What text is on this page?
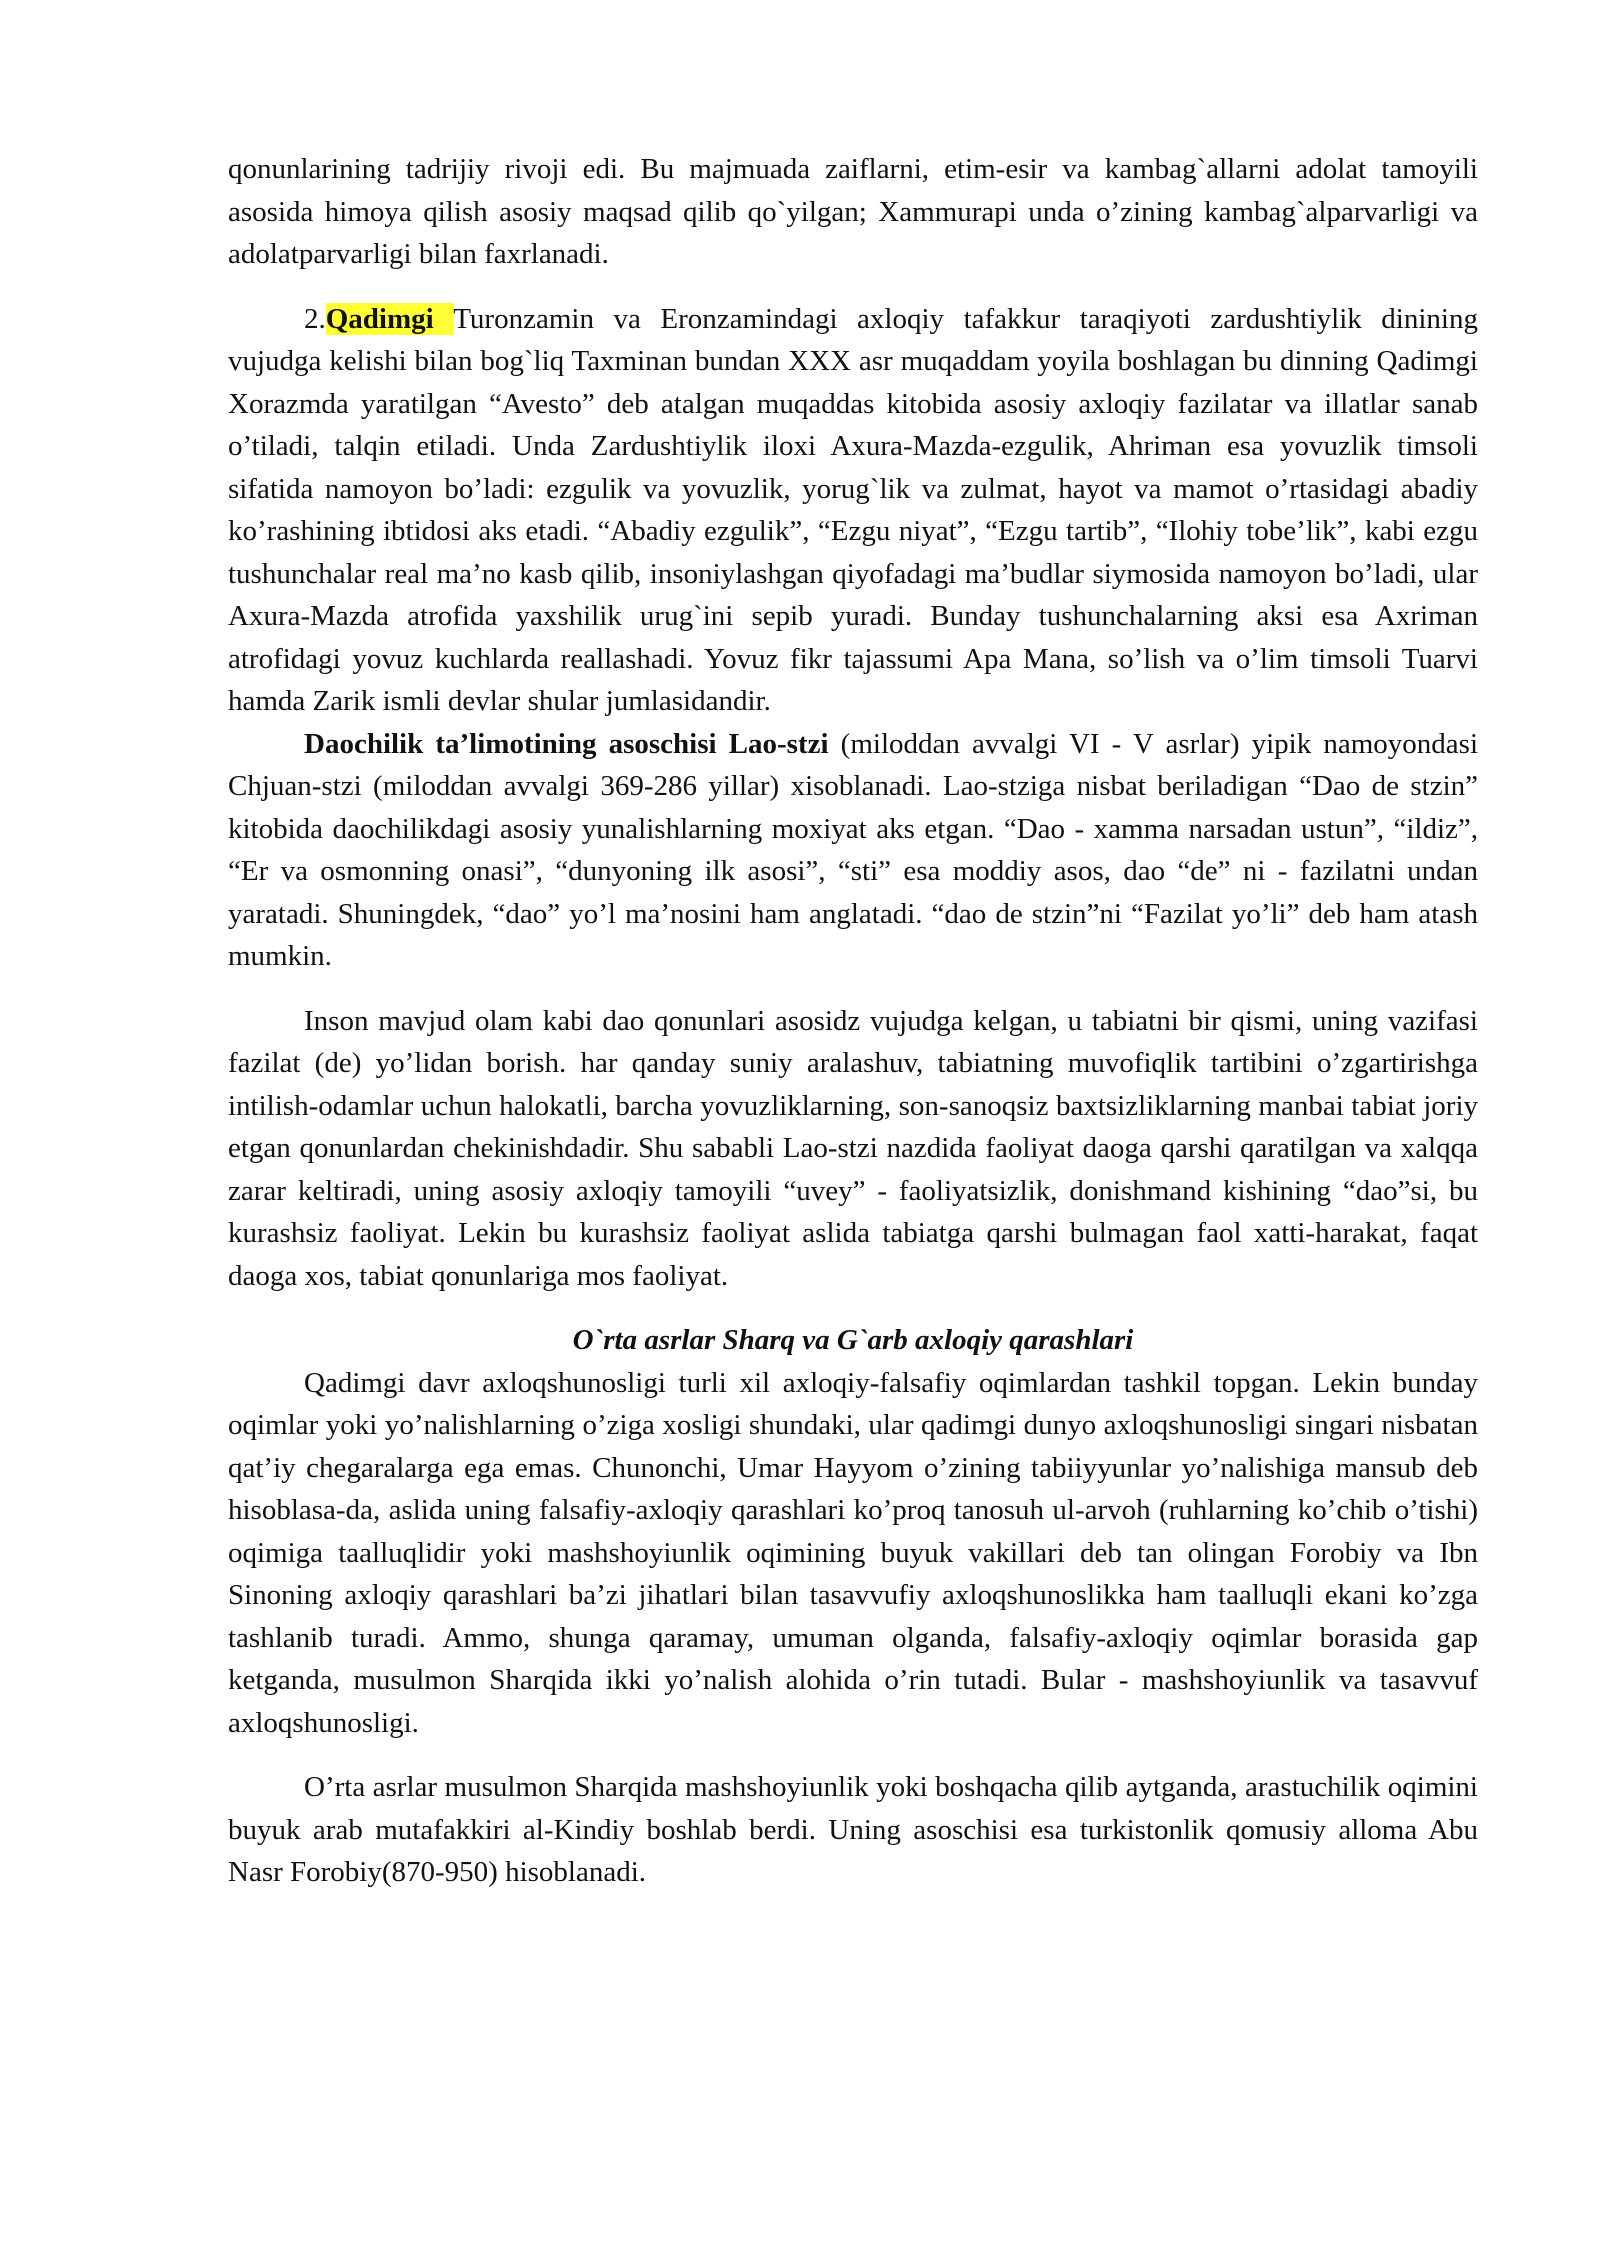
qonunlarining tadrijiy rivoji edi. Bu majmuada zaiflarni, etim-esir va kambag`allarni adolat tamoyili asosida himoya qilish asosiy maqsad qilib qo`yilgan; Xammurapi unda o’zining kambag`alparvarligi va adolatparvarligi bilan faxrlanadi.

2.Qadimgi Turonzamin va Eronzamindagi axloqiy tafakkur taraqiyoti zardushtiylik dinining vujudga kelishi bilan bog`liq Taxminan bundan XXX asr muqaddam yoyila boshlagan bu dinning Qadimgi Xorazmda yaratilgan “Avesto” deb atalgan muqaddas kitobida asosiy axloqiy fazilatar va illatlar sanab o’tiladi, talqin etiladi. Unda Zardushtiylik iloxi Axura-Mazda-ezgulik, Ahriman esa yovuzlik timsoli sifatida namoyon bo’ladi: ezgulik va yovuzlik, yorug`lik va zulmat, hayot va mamot o’rtasidagi abadiy ko’rashining ibtidosi aks etadi. “Abadiy ezgulik”, “Ezgu niyat”, “Ezgu tartib”, “Ilohiy tobe’lik”, kabi ezgu tushunchalar real ma’no kasb qilib, insoniylashgan qiyofadagi ma’budlar siymosida namoyon bo’ladi, ular Axura-Mazda atrofida yaxshilik urug`ini sepib yuradi. Bunday tushunchalarning aksi esa Axriman atrofidagi yovuz kuchlarda reallashadi. Yovuz fikr tajassumi Apa Mana, so’lish va o’lim timsoli Tuarvi hamda Zarik ismli devlar shular jumlasidandir.

Daochilik ta’limotining asoschisi Lao-stzi (miloddan avvalgi VI - V asrlar) yipik namoyondasi Chjuan-stzi (miloddan avvalgi 369-286 yillar) xisoblanadi. Lao-stziga nisbat beriladigan “Dao de stzin” kitobida daochilikdagi asosiy yunalishlarning moxiyat aks etgan. “Dao - xamma narsadan ustun”, “ildiz”, “Er va osmonning onasi”, “dunyoning ilk asosi”, “sti” esa moddiy asos, dao “de” ni - fazilatni undan yaratadi. Shuningdek, “dao” yo’l ma’nosini ham anglatadi. “dao de stzin”ni “Fazilat yo’li” deb ham atash mumkin.

Inson mavjud olam kabi dao qonunlari asosidz vujudga kelgan, u tabiatni bir qismi, uning vazifasi fazilat (de) yo’lidan borish. har qanday suniy aralashuv, tabiatning muvofiqlik tartibini o’zgartirishga intilish-odamlar uchun halokatli, barcha yovuzliklarning, son-sanoqsiz baxtsizliklarning manbai tabiat joriy etgan qonunlardan chekinishdadir. Shu sababli Lao-stzi nazdida faoliyat daoga qarshi qaratilgan va xalqqa zarar keltiradi, uning asosiy axloqiy tamoyili “uvey” - faoliyatsizlik, donishmand kishining “dao”si, bu kurashsiz faoliyat. Lekin bu kurashsiz faoliyat aslida tabiatga qarshi bulmagan faol xatti-harakat, faqat daoga xos, tabiat qonunlariga mos faoliyat.

O`rta asrlar Sharq va G`arb axloqiy qarashlari

Qadimgi davr axloqshunosligi turli xil axloqiy-falsafiy oqimlardan tashkil topgan. Lekin bunday oqimlar yoki yo’nalishlarning o’ziga xosligi shundaki, ular qadimgi dunyo axloqshunosligi singari nisbatan qat’iy chegaralarga ega emas. Chunonchi, Umar Hayyom o’zining tabiiyyunlar yo’nalishiga mansub deb hisoblasa-da, aslida uning falsafiy-axloqiy qarashlari ko’proq tanosuh ul-arvoh (ruhlarning ko’chib o’tishi) oqimiga taalluqlidir yoki mashshoyiunlik oqimining buyuk vakillari deb tan olingan Forobiy va Ibn Sinoning axloqiy qarashlari ba’zi jihatlari bilan tasavvufiy axloqshunoslikka ham taalluqli ekani ko’zga tashlanib turadi. Ammo, shunga qaramay, umuman olganda, falsafiy-axloqiy oqimlar borasida gap ketganda, musulmon Sharqida ikki yo’nalish alohida o’rin tutadi. Bular - mashshoyiunlik va tasavvuf axloqshunosligi.

O’rta asrlar musulmon Sharqida mashshoyiunlik yoki boshqacha qilib aytganda, arastuchilik oqimini buyuk arab mutafakkiri al-Kindiy boshlab berdi. Uning asoschisi esa turkistonlik qomusiy alloma Abu Nasr Forobiy(870-950) hisoblanadi.
